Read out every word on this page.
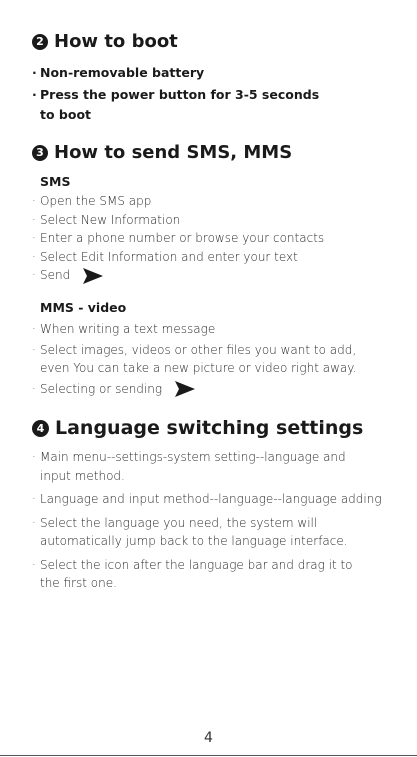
2 How to boot
· Non-removable battery
· Press the power button for 3-5 seconds to boot
3 How to send SMS, MMS
SMS
· Open the SMS app
· Select New Information
· Enter a phone number or browse your contacts
· Select Edit Information and enter your text
· Send
MMS - video
· When writing a text message
· Select images, videos or other files you want to add, even You can take a new picture or video right away.
· Selecting or sending
4 Language switching settings
· Main menu--settings-system setting--language and input method.
· Language and input method--language--language adding
· Select the language you need, the system will automatically jump back to the language interface.
· Select the icon after the language bar and drag it to the first one.
4
